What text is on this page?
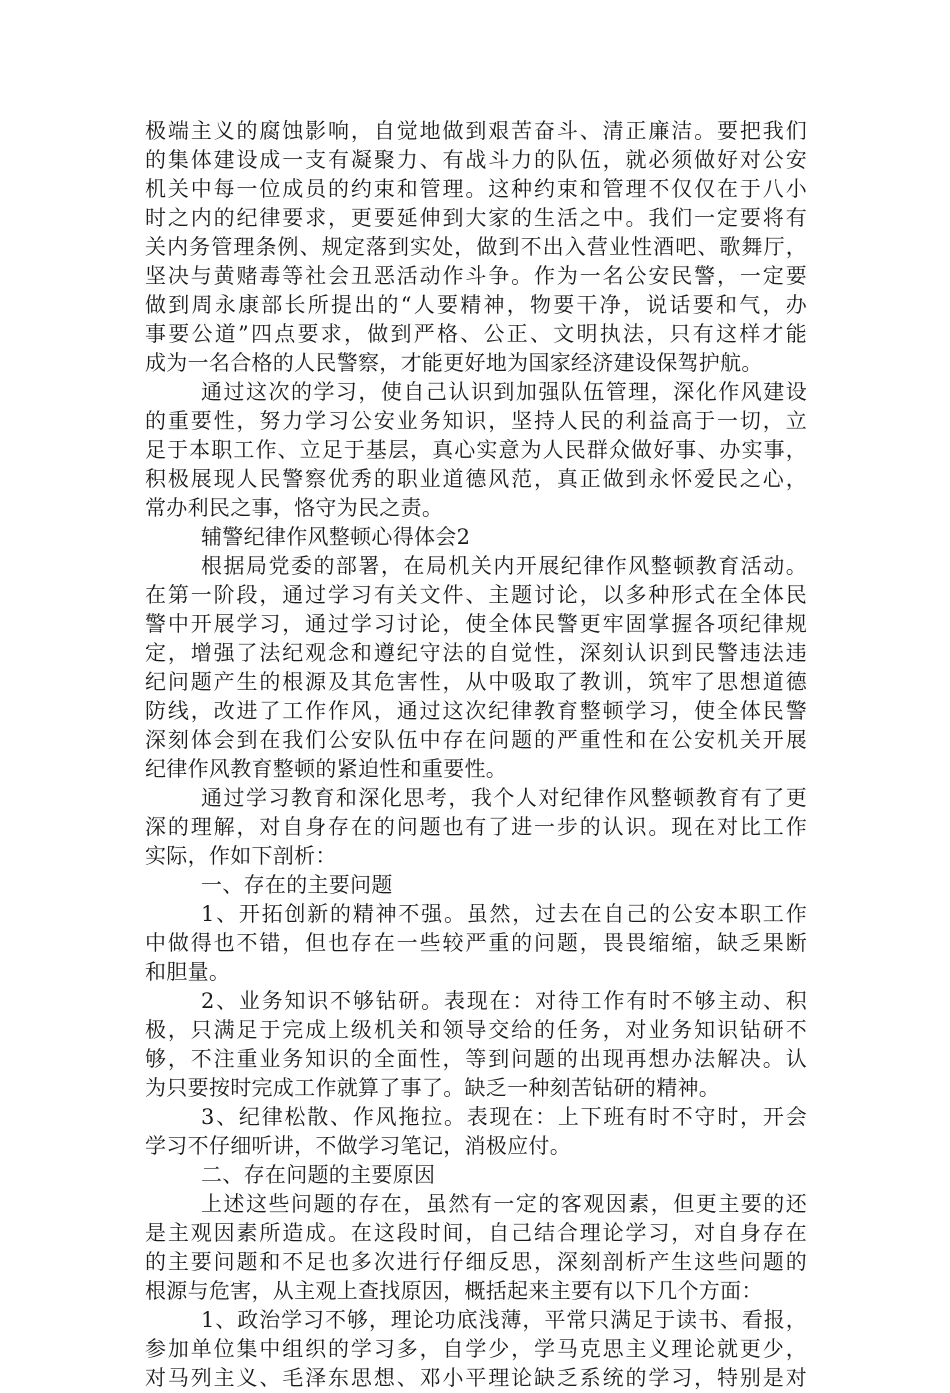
极端主义的腐蚀影响，自觉地做到艰苦奋斗、清正廉洁。要把我们
的集体建设成一支有凝聚力、有战斗力的队伍，就必须做好对公安
机关中每一位成员的约束和管理。这种约束和管理不仅仅在于八小
时之内的纪律要求，更要延伸到大家的生活之中。我们一定要将有
关内务管理条例、规定落到实处，做到不出入营业性酒吧、歌舞厅，
坚决与黄赌毒等社会丑恶活动作斗争。作为一名公安民警，一定要
做到周永康部长所提出的“人要精神，物要干净，说话要和气，办
事要公道”四点要求，做到严格、公正、文明执法，只有这样才能
成为一名合格的人民警察，才能更好地为国家经济建设保驾护航。
通过这次的学习，使自己认识到加强队伍管理，深化作风建设
的重要性，努力学习公安业务知识，坚持人民的利益高于一切，立
足于本职工作、立足于基层，真心实意为人民群众做好事、办实事，
积极展现人民警察优秀的职业道德风范，真正做到永怀爱民之心，
常办利民之事，恪守为民之责。
辅警纪律作风整顿心得体会2
根据局党委的部署，在局机关内开展纪律作风整顿教育活动。
在第一阶段，通过学习有关文件、主题讨论，以多种形式在全体民
警中开展学习，通过学习讨论，使全体民警更牢固掌握各项纪律规
定，增强了法纪观念和遵纪守法的自觉性，深刻认识到民警违法违
纪问题产生的根源及其危害性，从中吸取了教训，筑牢了思想道德
防线，改进了工作作风，通过这次纪律教育整顿学习，使全体民警
深刻体会到在我们公安队伍中存在问题的严重性和在公安机关开展
纪律作风教育整顿的紧迫性和重要性。
通过学习教育和深化思考，我个人对纪律作风整顿教育有了更
深的理解，对自身存在的问题也有了进一步的认识。现在对比工作
实际，作如下剖析：
一、存在的主要问题
1、开拓创新的精神不强。虽然，过去在自己的公安本职工作
中做得也不错，但也存在一些较严重的问题，畏畏缩缩，缺乏果断
和胆量。
2、业务知识不够钻研。表现在：对待工作有时不够主动、积
极，只满足于完成上级机关和领导交给的任务，对业务知识钻研不
够，不注重业务知识的全面性，等到问题的出现再想办法解决。认
为只要按时完成工作就算了事了。缺乏一种刻苦钻研的精神。
3、纪律松散、作风拖拉。表现在：上下班有时不守时，开会
学习不仔细听讲，不做学习笔记，消极应付。
二、存在问题的主要原因
上述这些问题的存在，虽然有一定的客观因素，但更主要的还
是主观因素所造成。在这段时间，自己结合理论学习，对自身存在
的主要问题和不足也多次进行仔细反思，深刻剖析产生这些问题的
根源与危害，从主观上查找原因，概括起来主要有以下几个方面：
1、政治学习不够，理论功底浅薄，平常只满足于读书、看报，
参加单位集中组织的学习多，自学少，学马克思主义理论就更少，
对马列主义、毛泽东思想、邓小平理论缺乏系统的学习，特别是对
